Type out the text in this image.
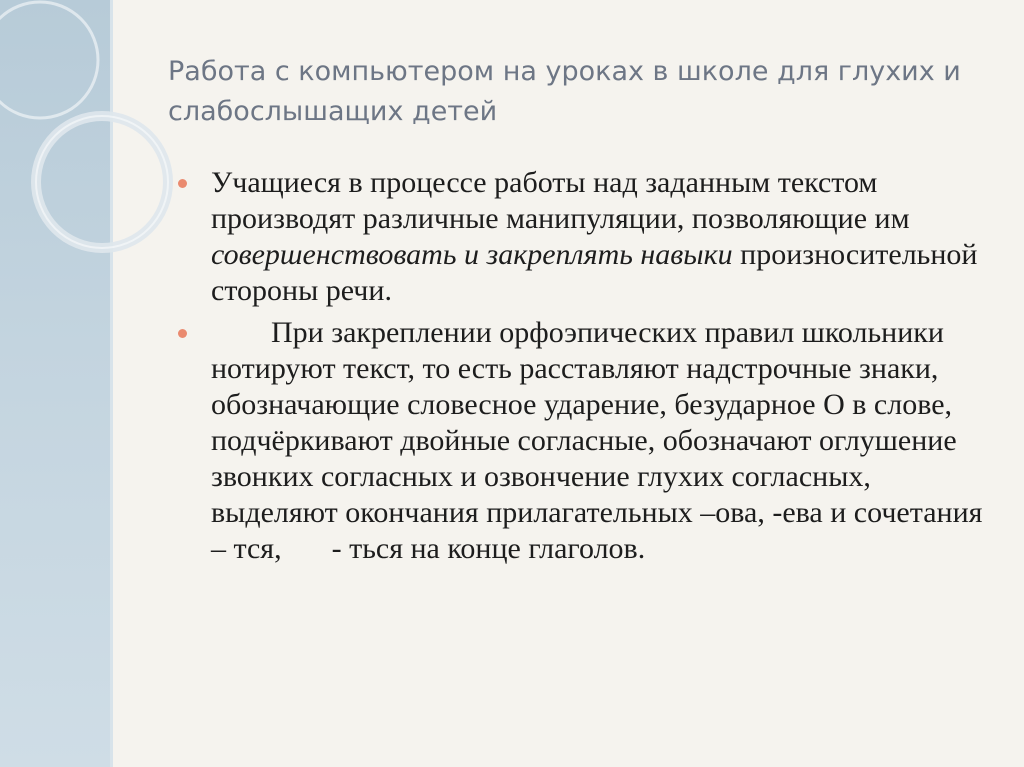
Работа с компьютером на уроках в школе для глухих и слабослышащих детей
Учащиеся в процессе работы над заданным текстом производят различные манипуляции, позволяющие им совершенствовать и закреплять навыки произносительной стороны речи.
При закреплении орфоэпических правил школьники нотируют текст, то есть расставляют надстрочные знаки, обозначающие словесное ударение, безударное О в слове, подчёркивают двойные согласные, обозначают оглушение звонких согласных и озвончение глухих согласных, выделяют окончания прилагательных –ова, -ева и сочетания – тся, - ться на конце глаголов.
